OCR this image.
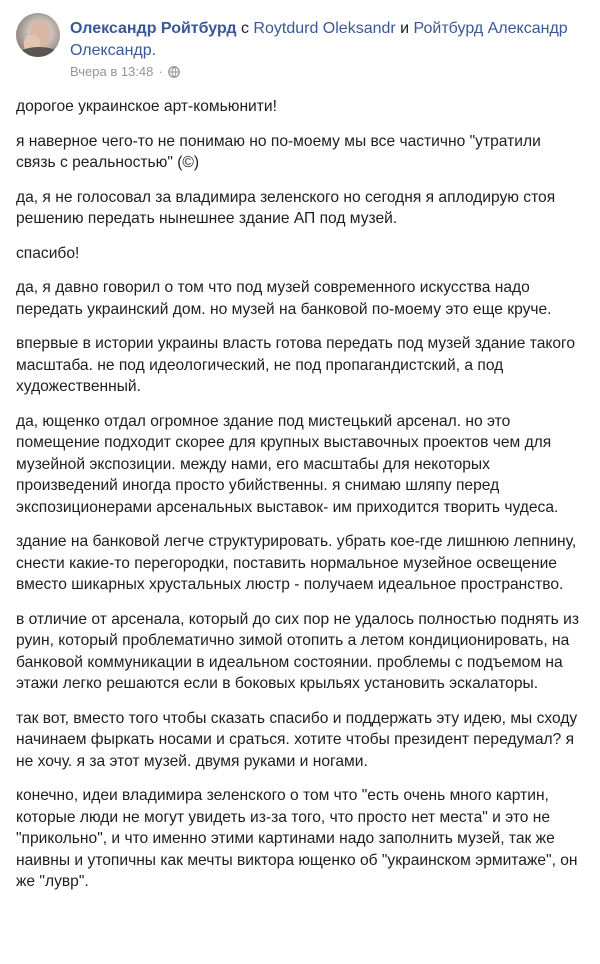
Олександр Ройтбурд с Roytdurd Oleksandr и Ройтбурд Александр Олександр.
Вчера в 13:48 ·

дорогое украинское арт-комьюнити!

я наверное чего-то не понимаю но по-моему мы все частично "утратили связь с реальностью" (©)

да, я не голосовал за владимира зеленского но сегодня я аплодирую стоя решению передать нынешнее здание АП под музей.

спасибо!

да, я давно говорил о том что под музей современного искусства надо передать украинский дом. но музей на банковой по-моему это еще круче.

впервые в истории украины власть готова передать под музей здание такого масштаба. не под идеологический, не под пропагандистский, а под художественный.

да, ющенко отдал огромное здание под мистецький арсенал. но это помещение подходит скорее для крупных выставочных проектов чем для музейной экспозиции. между нами, его масштабы для некоторых произведений иногда просто убийственны. я снимаю шляпу перед экспозиционерами арсенальных выставок- им приходится творить чудеса.

здание на банковой легче структурировать. убрать кое-где лишнюю лепнину, снести какие-то перегородки, поставить нормальное музейное освещение вместо шикарных хрустальных люстр - получаем идеальное пространство.

в отличие от арсенала, который до сих пор не удалось полностью поднять из руин, который проблематично зимой отопить а летом кондиционировать, на банковой коммуникации в идеальном состоянии. проблемы с подъемом на этажи легко решаются если в боковых крыльях установить эскалаторы.

так вот, вместо того чтобы сказать спасибо и поддержать эту идею, мы сходу начинаем фыркать носами и сраться. хотите чтобы президент передумал? я не хочу. я за этот музей. двумя руками и ногами.

конечно, идеи владимира зеленского о том что "есть очень много картин, которые люди не могут увидеть из-за того, что просто нет места" и это не "прикольно", и что именно этими картинами надо заполнить музей, так же наивны и утопичны как мечты виктора ющенко об "украинском эрмитаже", он же "лувр".
